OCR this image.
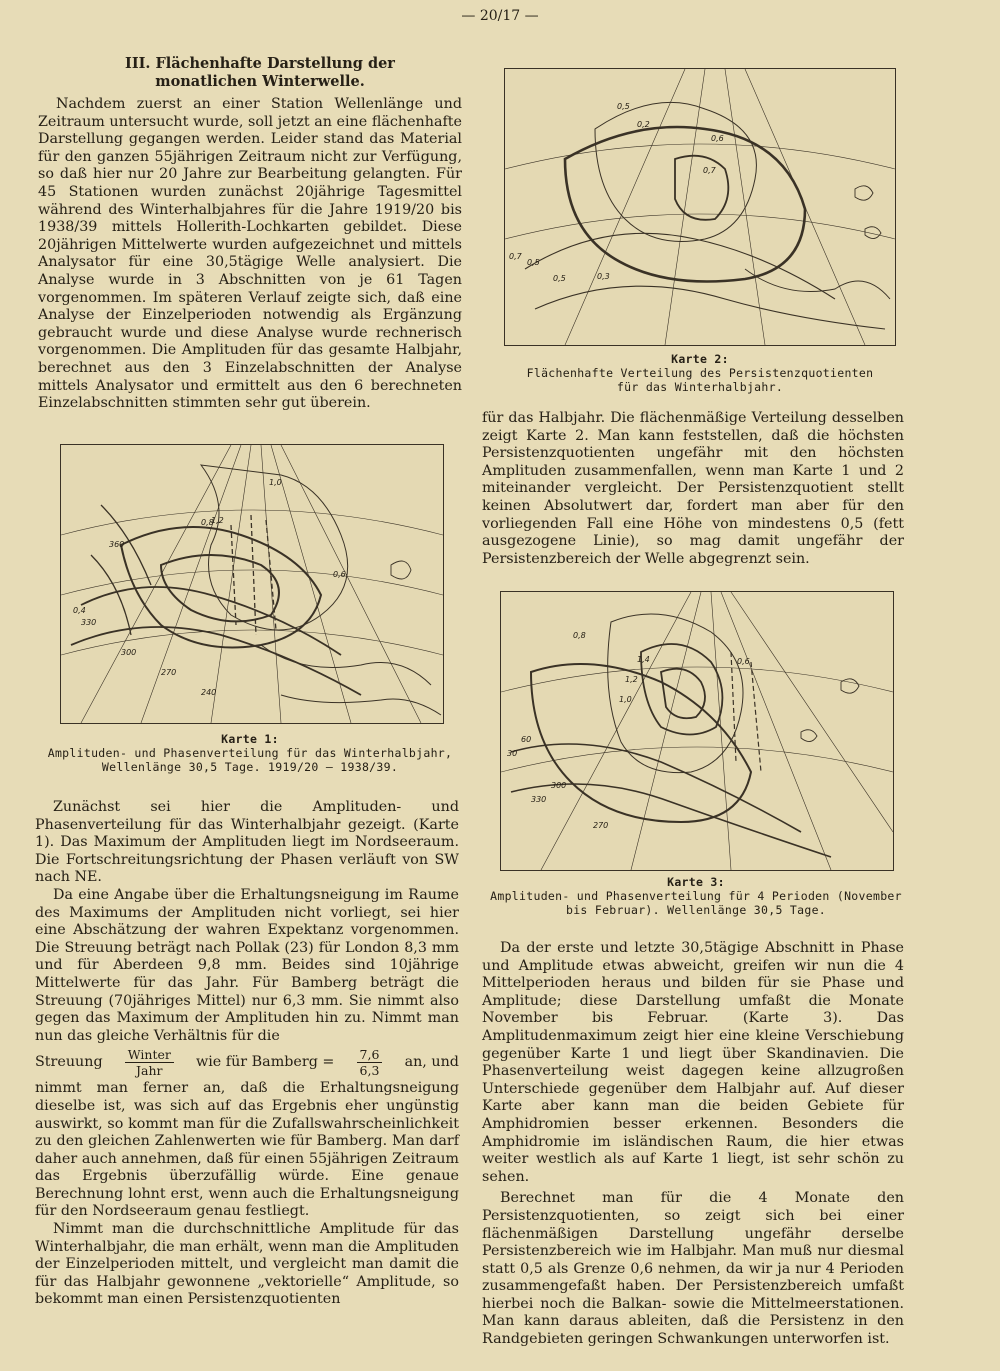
— 20/17 —
III. Flächenhafte Darstellung der
monatlichen Winterwelle.

Nachdem zuerst an einer Station Wellenlänge und Zeitraum untersucht wurde, soll jetzt an eine flächenhafte Darstellung gegangen werden. Leider stand das Material für den ganzen 55jährigen Zeitraum nicht zur Verfügung, so daß hier nur 20 Jahre zur Bearbeitung gelangten. Für 45 Stationen wurden zunächst 20jährige Tagesmittel während des Winterhalbjahres für die Jahre 1919/20 bis 1938/39 mittels Hollerith-Lochkarten gebildet. Diese 20jährigen Mittelwerte wurden aufgezeichnet und mittels Analysator für eine 30,5tägige Welle analysiert. Die Analyse wurde in 3 Abschnitten von je 61 Tagen vorgenommen. Im späteren Verlauf zeigte sich, daß eine Analyse der Einzelperioden notwendig als Ergänzung gebraucht wurde und diese Analyse wurde rechnerisch vorgenommen. Die Amplituden für das gesamte Halbjahr, berechnet aus den 3 Einzelabschnitten der Analyse mittels Analysator und ermittelt aus den 6 berechneten Einzelabschnitten stimmten sehr gut überein.

1,0
1,2
0,8
0,6
360
330
300
270
240
0,4
Karte 1:
Amplituden- und Phasenverteilung für das Winterhalbjahr,
Wellenlänge 30,5 Tage. 1919/20 — 1938/39.

Zunächst sei hier die Amplituden- und Phasenverteilung für das Winterhalbjahr gezeigt. (Karte 1). Das Maximum der Amplituden liegt im Nordseeraum. Die Fortschreitungsrichtung der Phasen verläuft von SW nach NE.

Da eine Angabe über die Erhaltungsneigung im Raume des Maximums der Amplituden nicht vorliegt, sei hier eine Abschätzung der wahren Expektanz vorgenommen. Die Streuung beträgt nach Pollak (23) für London 8,3 mm und für Aberdeen 9,8 mm. Beides sind 10jährige Mittelwerte für das Jahr. Für Bamberg beträgt die Streuung (70jähriges Mittel) nur 6,3 mm. Sie nimmt also gegen das Maximum der Amplituden hin zu. Nimmt man nun das gleiche Verhältnis für die

Streuung $\frac{\text{Winter}}{\text{Jahr}}$ wie für Bamberg = $\frac{7,6}{6,3}$ an, und

nimmt man ferner an, daß die Erhaltungsneigung dieselbe ist, was sich auf das Ergebnis eher ungünstig auswirkt, so kommt man für die Zufallswahrscheinlichkeit zu den gleichen Zahlenwerten wie für Bamberg. Man darf daher auch annehmen, daß für einen 55jährigen Zeitraum das Ergebnis überzufällig würde. Eine genaue Berechnung lohnt erst, wenn auch die Erhaltungsneigung für den Nordseeraum genau festliegt.

Nimmt man die durchschnittliche Amplitude für das Winterhalbjahr, die man erhält, wenn man die Amplituden der Einzelperioden mittelt, und vergleicht man damit die für das Halbjahr gewonnene „vektorielle“ Amplitude, so bekommt man einen Persistenzquotienten

0,5
0,6
0,7
0,2
0,3
0,5
0,7
0,5
Karte 2:
Flächenhafte Verteilung des Persistenzquotienten
für das Winterhalbjahr.

für das Halbjahr. Die flächenmäßige Verteilung desselben zeigt Karte 2. Man kann feststellen, daß die höchsten Persistenzquotienten ungefähr mit den höchsten Amplituden zusammenfallen, wenn man Karte 1 und 2 miteinander vergleicht. Der Persistenzquotient stellt keinen Absolutwert dar, fordert man aber für den vorliegenden Fall eine Höhe von mindestens 0,5 (fett ausgezogene Linie), so mag damit ungefähr der Persistenzbereich der Welle abgegrenzt sein.

1,4
1,2
1,0
0,8
0,6
30
60
300
330
270
Karte 3:
Amplituden- und Phasenverteilung für 4 Perioden (November
bis Februar). Wellenlänge 30,5 Tage.

Da der erste und letzte 30,5tägige Abschnitt in Phase und Amplitude etwas abweicht, greifen wir nun die 4 Mittelperioden heraus und bilden für sie Phase und Amplitude; diese Darstellung umfaßt die Monate November bis Februar. (Karte 3). Das Amplitudenmaximum zeigt hier eine kleine Verschiebung gegenüber Karte 1 und liegt über Skandinavien. Die Phasenverteilung weist dagegen keine allzugroßen Unterschiede gegenüber dem Halbjahr auf. Auf dieser Karte aber kann man die beiden Gebiete für Amphidromien besser erkennen. Besonders die Amphidromie im isländischen Raum, die hier etwas weiter westlich als auf Karte 1 liegt, ist sehr schön zu sehen.

Berechnet man für die 4 Monate den Persistenzquotienten, so zeigt sich bei einer flächenmäßigen Darstellung ungefähr derselbe Persistenzbereich wie im Halbjahr. Man muß nur diesmal statt 0,5 als Grenze 0,6 nehmen, da wir ja nur 4 Perioden zusammengefaßt haben. Der Persistenzbereich umfaßt hierbei noch die Balkan- sowie die Mittelmeerstationen. Man kann daraus ableiten, daß die Persistenz in den Randgebieten geringen Schwankungen unterworfen ist.
